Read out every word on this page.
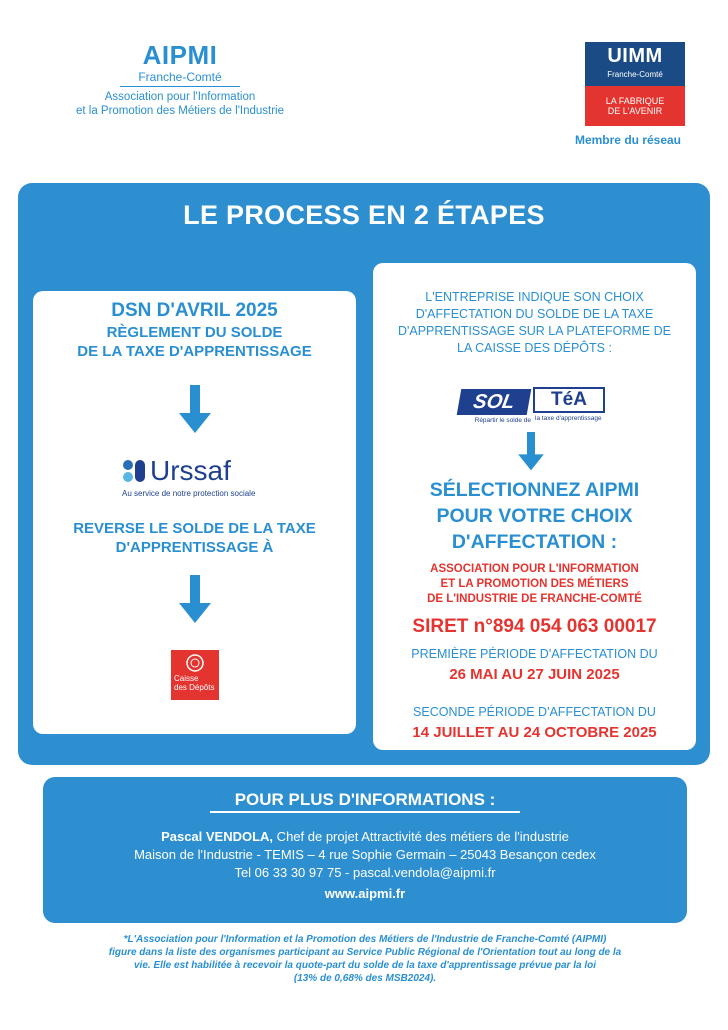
AIPMI
Franche-Comté
Association pour l'Information
et la Promotion des Métiers de l'Industrie
UIMM
Franche-Comté
LA FABRIQUE
DE L'AVENIR
Membre du réseau
LE PROCESS EN 2 ÉTAPES
DSN D'AVRIL 2025
RÈGLEMENT DU SOLDE
DE LA TAXE D'APPRENTISSAGE
Urssaf
Au service de notre protection sociale
REVERSE LE SOLDE DE LA TAXE
D'APPRENTISSAGE À
Caisse
des Dépôts
L'ENTREPRISE INDIQUE SON CHOIX
D'AFFECTATION DU SOLDE DE LA TAXE
D'APPRENTISSAGE SUR LA PLATEFORME DE
LA CAISSE DES DÉPÔTS :
SOL	TéA
Répartir le solde de la taxe d'apprentissage
SÉLECTIONNEZ AIPMI
POUR VOTRE CHOIX
D'AFFECTATION :
ASSOCIATION POUR L'INFORMATION
ET LA PROMOTION DES MÉTIERS
DE L'INDUSTRIE DE FRANCHE-COMTÉ
SIRET n°894 054 063 00017
PREMIÈRE PÉRIODE D'AFFECTATION DU
26 MAI AU 27 JUIN 2025
SECONDE PÉRIODE D'AFFECTATION DU
14 JUILLET AU 24 OCTOBRE 2025
POUR PLUS D'INFORMATIONS :
Pascal VENDOLA, Chef de projet Attractivité des métiers de l'industrie
Maison de l'Industrie - TEMIS – 4 rue Sophie Germain – 25043 Besançon cedex
Tel 06 33 30 97 75 - pascal.vendola@aipmi.fr
www.aipmi.fr
*L'Association pour l'Information et la Promotion des Métiers de l'Industrie de Franche-Comté (AIPMI)
figure dans la liste des organismes participant au Service Public Régional de l'Orientation tout au long de la
vie. Elle est habilitée à recevoir la quote-part du solde de la taxe d'apprentissage prévue par la loi
(13% de 0,68% des MSB2024).
